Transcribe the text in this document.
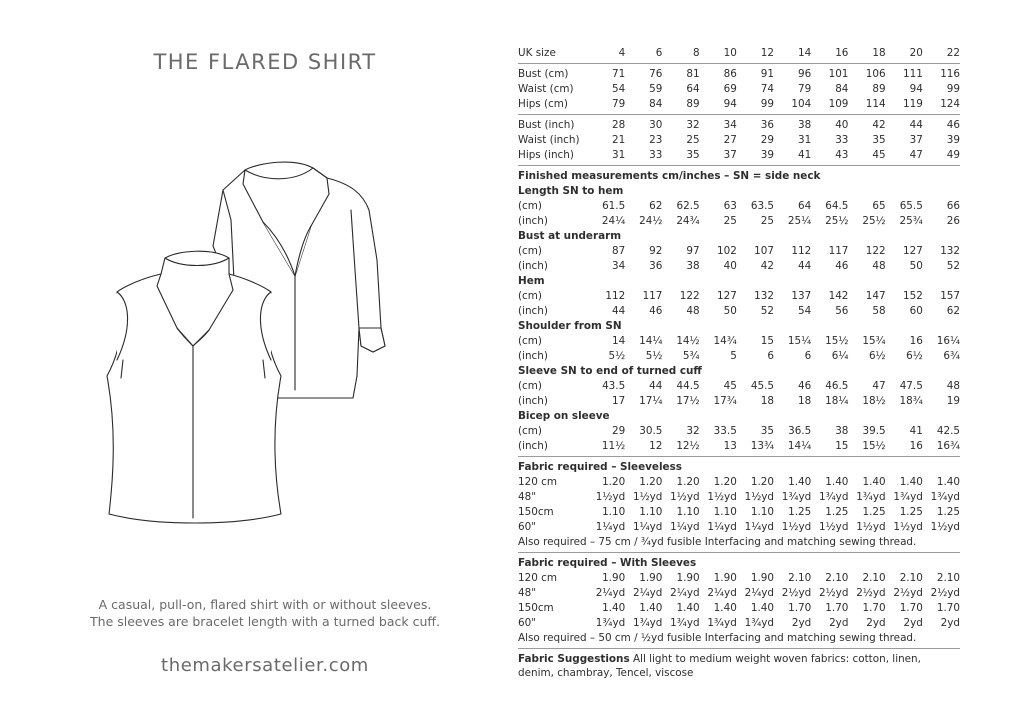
THE FLARED SHIRT
A casual, pull-on, flared shirt with or without sleeves.
The sleeves are bracelet length with a turned back cuff.
themakersatelier.com
UK size	4	6	8	10	12	14	16	18	20	22
Bust (cm)	71	76	81	86	91	96	101	106	111	116
Waist (cm)	54	59	64	69	74	79	84	89	94	99
Hips (cm)	79	84	89	94	99	104	109	114	119	124
Bust (inch)	28	30	32	34	36	38	40	42	44	46
Waist (inch)	21	23	25	27	29	31	33	35	37	39
Hips (inch)	31	33	35	37	39	41	43	45	47	49
Finished measurements cm/inches – SN = side neck
Length SN to hem
(cm)	61.5	62	62.5	63	63.5	64	64.5	65	65.5	66
(inch)	24¼	24½	24¾	25	25	25¼	25½	25½	25¾	26
Bust at underarm
(cm)	87	92	97	102	107	112	117	122	127	132
(inch)	34	36	38	40	42	44	46	48	50	52
Hem
(cm)	112	117	122	127	132	137	142	147	152	157
(inch)	44	46	48	50	52	54	56	58	60	62
Shoulder from SN
(cm)	14	14¼	14½	14¾	15	15¼	15½	15¾	16	16¼
(inch)	5½	5½	5¾	5	6	6	6¼	6½	6½	6¾
Sleeve SN to end of turned cuff
(cm)	43.5	44	44.5	45	45.5	46	46.5	47	47.5	48
(inch)	17	17¼	17½	17¾	18	18	18¼	18½	18¾	19
Bicep on sleeve
(cm)	29	30.5	32	33.5	35	36.5	38	39.5	41	42.5
(inch)	11½	12	12½	13	13¾	14¼	15	15½	16	16¾
Fabric required – Sleeveless
120 cm	1.20	1.20	1.20	1.20	1.20	1.40	1.40	1.40	1.40	1.40
48"	1½yd 1½yd 1½yd 1½yd 1½yd 1¾yd 1¾yd 1¾yd 1¾yd 1¾yd
150cm	1.10	1.10	1.10	1.10	1.10	1.25	1.25	1.25	1.25	1.25
60"	1¼yd 1¼yd 1¼yd 1¼yd 1¼yd 1½yd 1½yd 1½yd 1½yd 1½yd
Also required – 75 cm / ¾yd fusible Interfacing and matching sewing thread.
Fabric required – With Sleeves
120 cm	1.90	1.90	1.90	1.90	1.90	2.10	2.10	2.10	2.10	2.10
48"	2¼yd 2¼yd 2¼yd 2¼yd 2¼yd 2½yd 2½yd 2½yd 2½yd 2½yd
150cm	1.40	1.40	1.40	1.40	1.40	1.70	1.70	1.70	1.70	1.70
60"	1¾yd 1¾yd 1¾yd 1¾yd 1¾yd	2yd	2yd	2yd	2yd	2yd
Also required – 50 cm / ½yd fusible Interfacing and matching sewing thread.
Fabric Suggestions All light to medium weight woven fabrics: cotton, linen, denim, chambray, Tencel, viscose
